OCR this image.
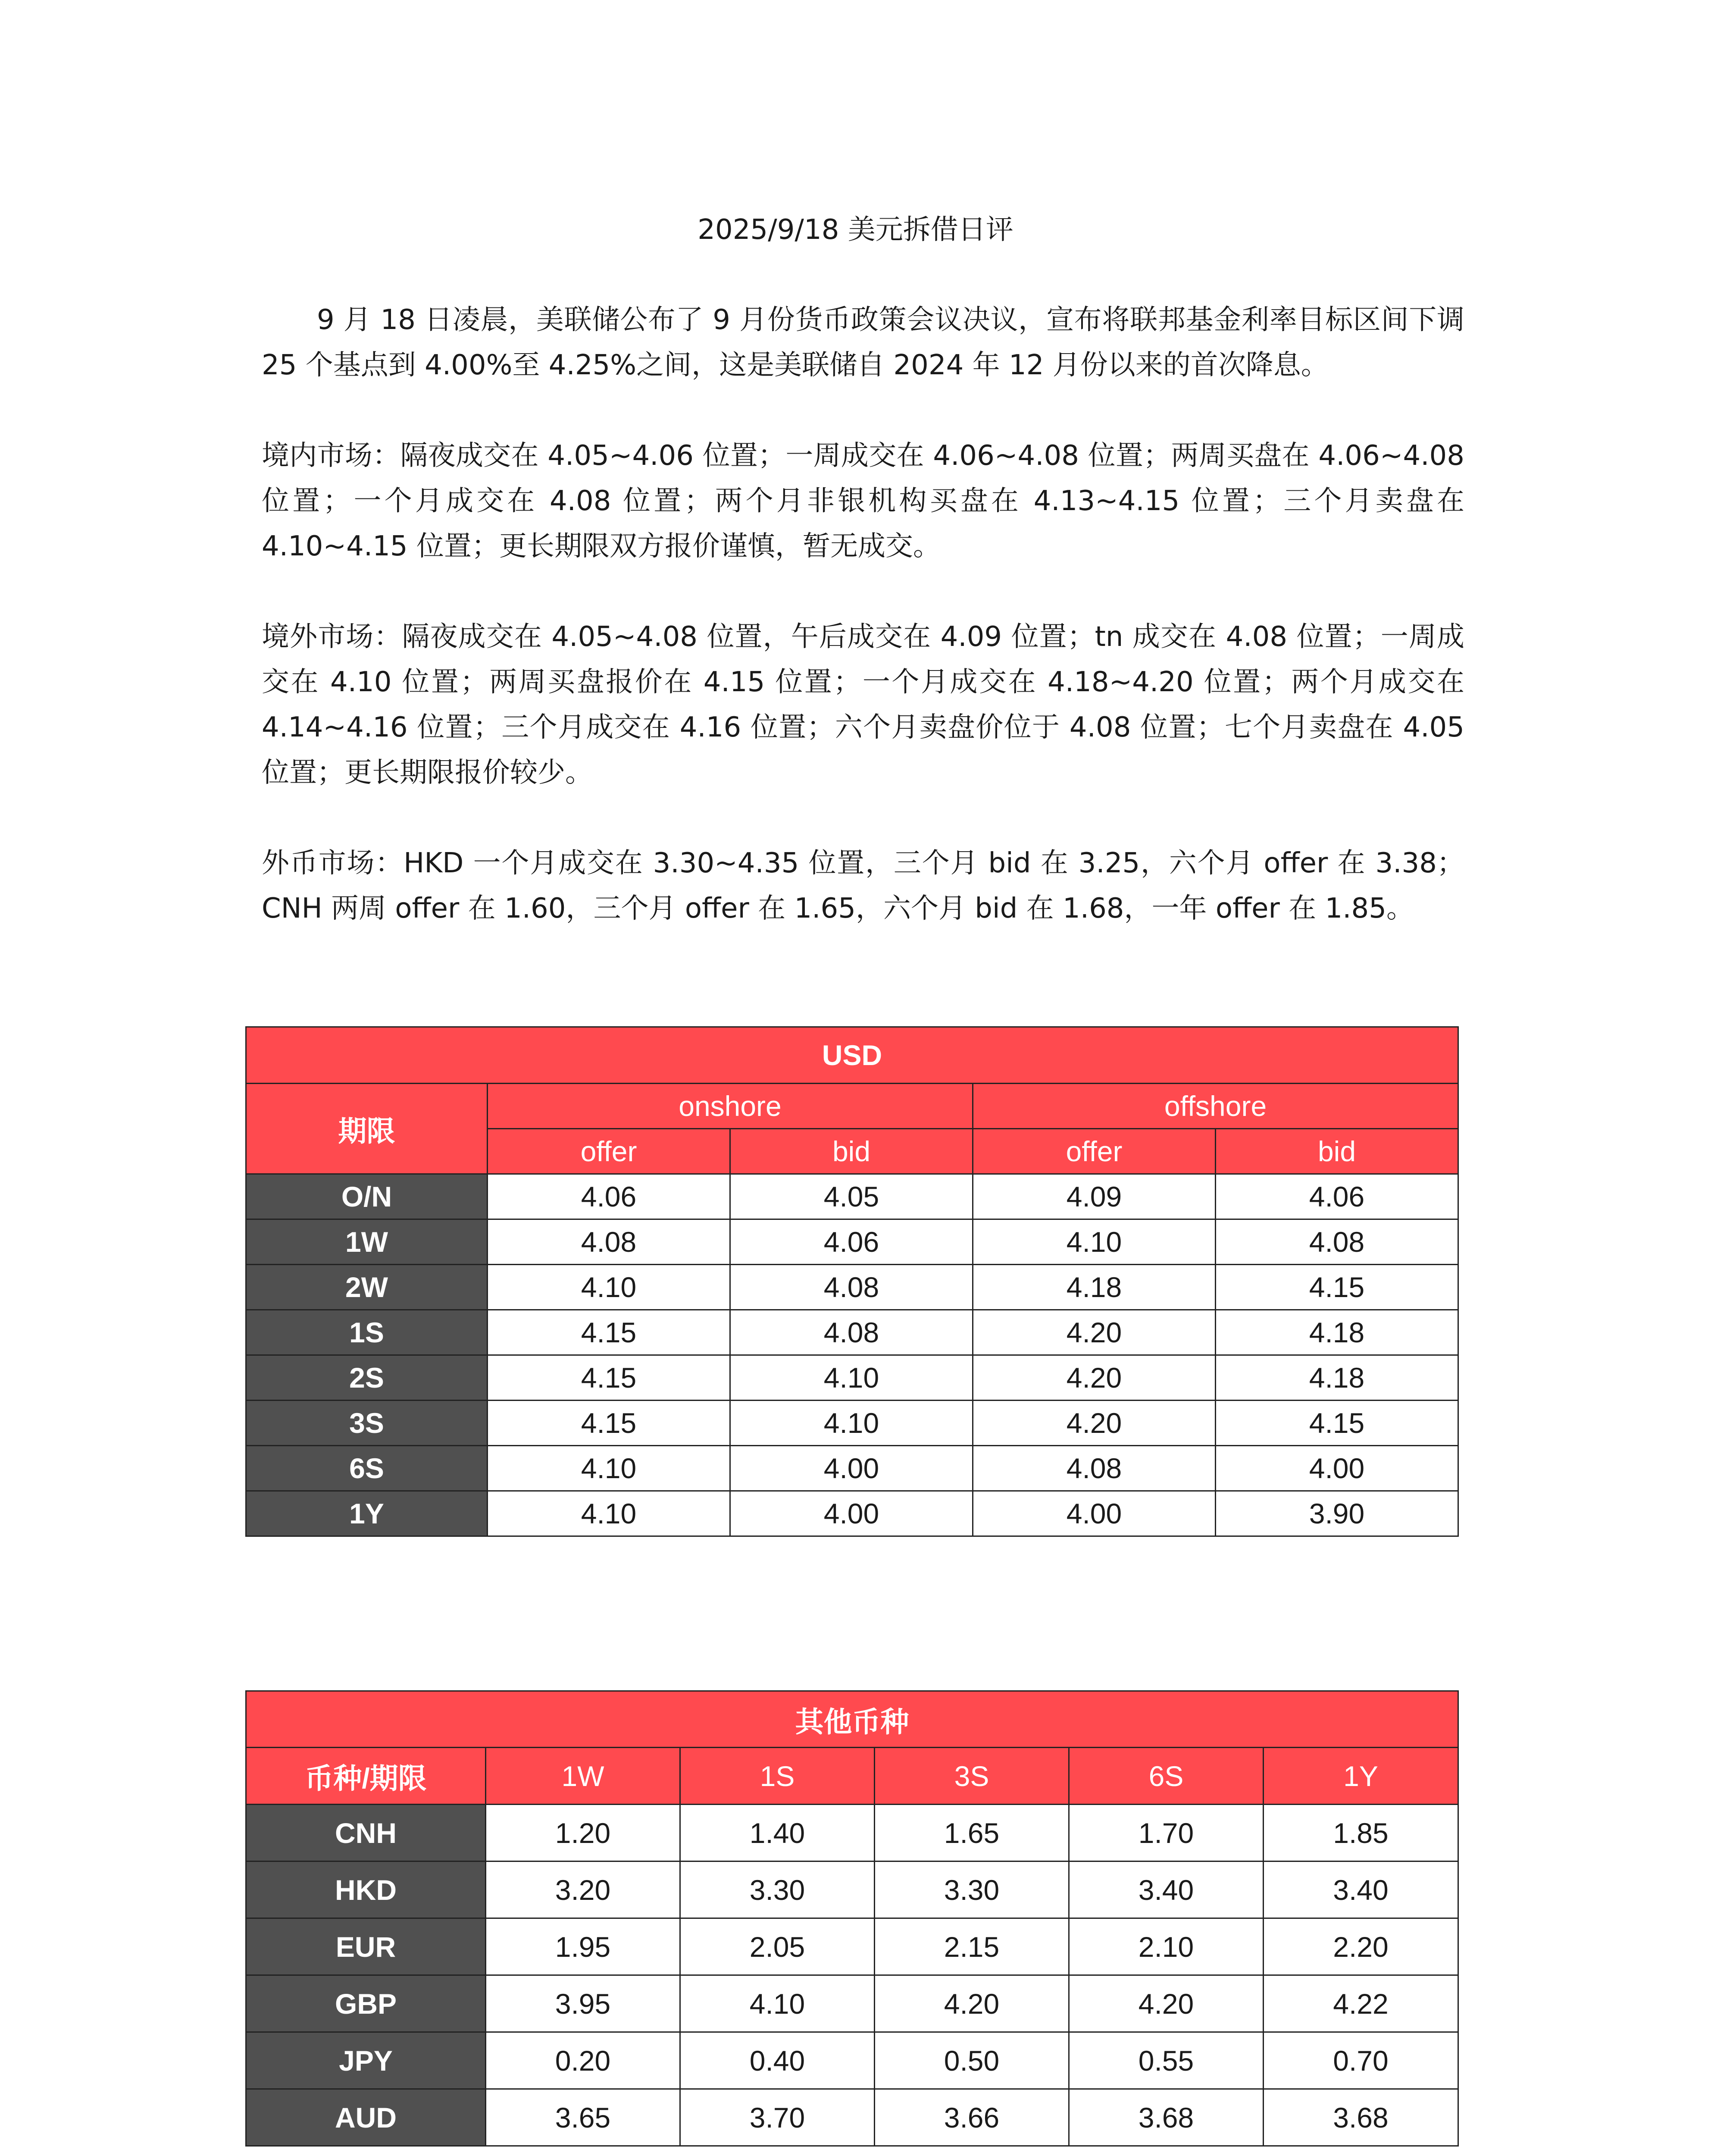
2025/9/18 美元拆借日评

9 月 18 日凌晨，美联储公布了 9 月份货币政策会议决议，宣布将联邦基金利率目标区间下调 25 个基点到 4.00%至 4.25%之间，这是美联储自 2024 年 12 月份以来的首次降息。

境内市场：隔夜成交在 4.05~4.06 位置；一周成交在 4.06~4.08 位置；两周买盘在 4.06~4.08 位置；一个月成交在 4.08 位置；两个月非银机构买盘在 4.13~4.15 位置；三个月卖盘在 4.10~4.15 位置；更长期限双方报价谨慎，暂无成交。

境外市场：隔夜成交在 4.05~4.08 位置，午后成交在 4.09 位置；tn 成交在 4.08 位置；一周成交在 4.10 位置；两周买盘报价在 4.15 位置；一个月成交在 4.18~4.20 位置；两个月成交在 4.14~4.16 位置；三个月成交在 4.16 位置；六个月卖盘价位于 4.08 位置；七个月卖盘在 4.05 位置；更长期限报价较少。

外币市场：HKD 一个月成交在 3.30~4.35 位置，三个月 bid 在 3.25，六个月 offer 在 3.38；CNH 两周 offer 在 1.60，三个月 offer 在 1.65，六个月 bid 在 1.68，一年 offer 在 1.85。

USD				
期限	onshore		offshore	
	offer	bid	offer	bid
O/N	4.06	4.05	4.09	4.06
1W	4.08	4.06	4.10	4.08
2W	4.10	4.08	4.18	4.15
1S	4.15	4.08	4.20	4.18
2S	4.15	4.10	4.20	4.18
3S	4.15	4.10	4.20	4.15
6S	4.10	4.00	4.08	4.00
1Y	4.10	4.00	4.00	3.90
其他币种					
币种/期限	1W	1S	3S	6S	1Y
CNH	1.20	1.40	1.65	1.70	1.85
HKD	3.20	3.30	3.30	3.40	3.40
EUR	1.95	2.05	2.15	2.10	2.20
GBP	3.95	4.10	4.20	4.20	4.22
JPY	0.20	0.40	0.50	0.55	0.70
AUD	3.65	3.70	3.66	3.68	3.68
